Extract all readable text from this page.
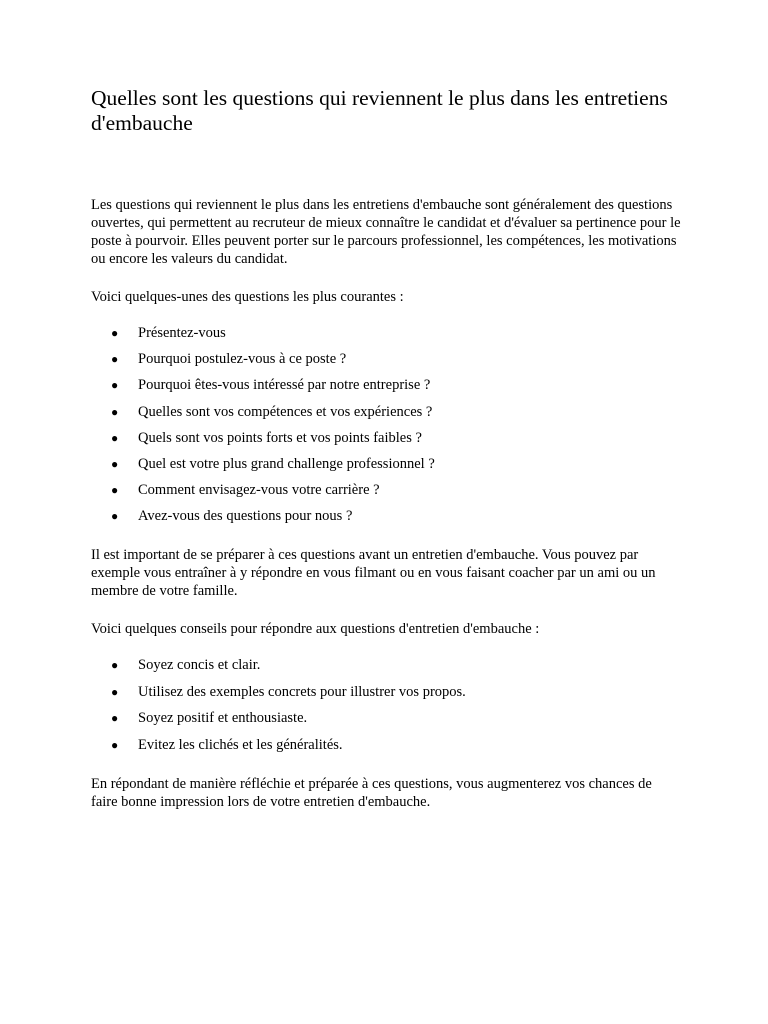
Quelles sont les questions qui reviennent le plus dans les entretiens d'embauche

Les questions qui reviennent le plus dans les entretiens d'embauche sont généralement des questions ouvertes, qui permettent au recruteur de mieux connaître le candidat et d'évaluer sa pertinence pour le poste à pourvoir. Elles peuvent porter sur le parcours professionnel, les compétences, les motivations ou encore les valeurs du candidat.

Voici quelques-unes des questions les plus courantes :

● Présentez-vous
● Pourquoi postulez-vous à ce poste ?
● Pourquoi êtes-vous intéressé par notre entreprise ?
● Quelles sont vos compétences et vos expériences ?
● Quels sont vos points forts et vos points faibles ?
● Quel est votre plus grand challenge professionnel ?
● Comment envisagez-vous votre carrière ?
● Avez-vous des questions pour nous ?

Il est important de se préparer à ces questions avant un entretien d'embauche. Vous pouvez par exemple vous entraîner à y répondre en vous filmant ou en vous faisant coacher par un ami ou un membre de votre famille.

Voici quelques conseils pour répondre aux questions d'entretien d'embauche :

● Soyez concis et clair.
● Utilisez des exemples concrets pour illustrer vos propos.
● Soyez positif et enthousiaste.
● Evitez les clichés et les généralités.

En répondant de manière réfléchie et préparée à ces questions, vous augmenterez vos chances de faire bonne impression lors de votre entretien d'embauche.
